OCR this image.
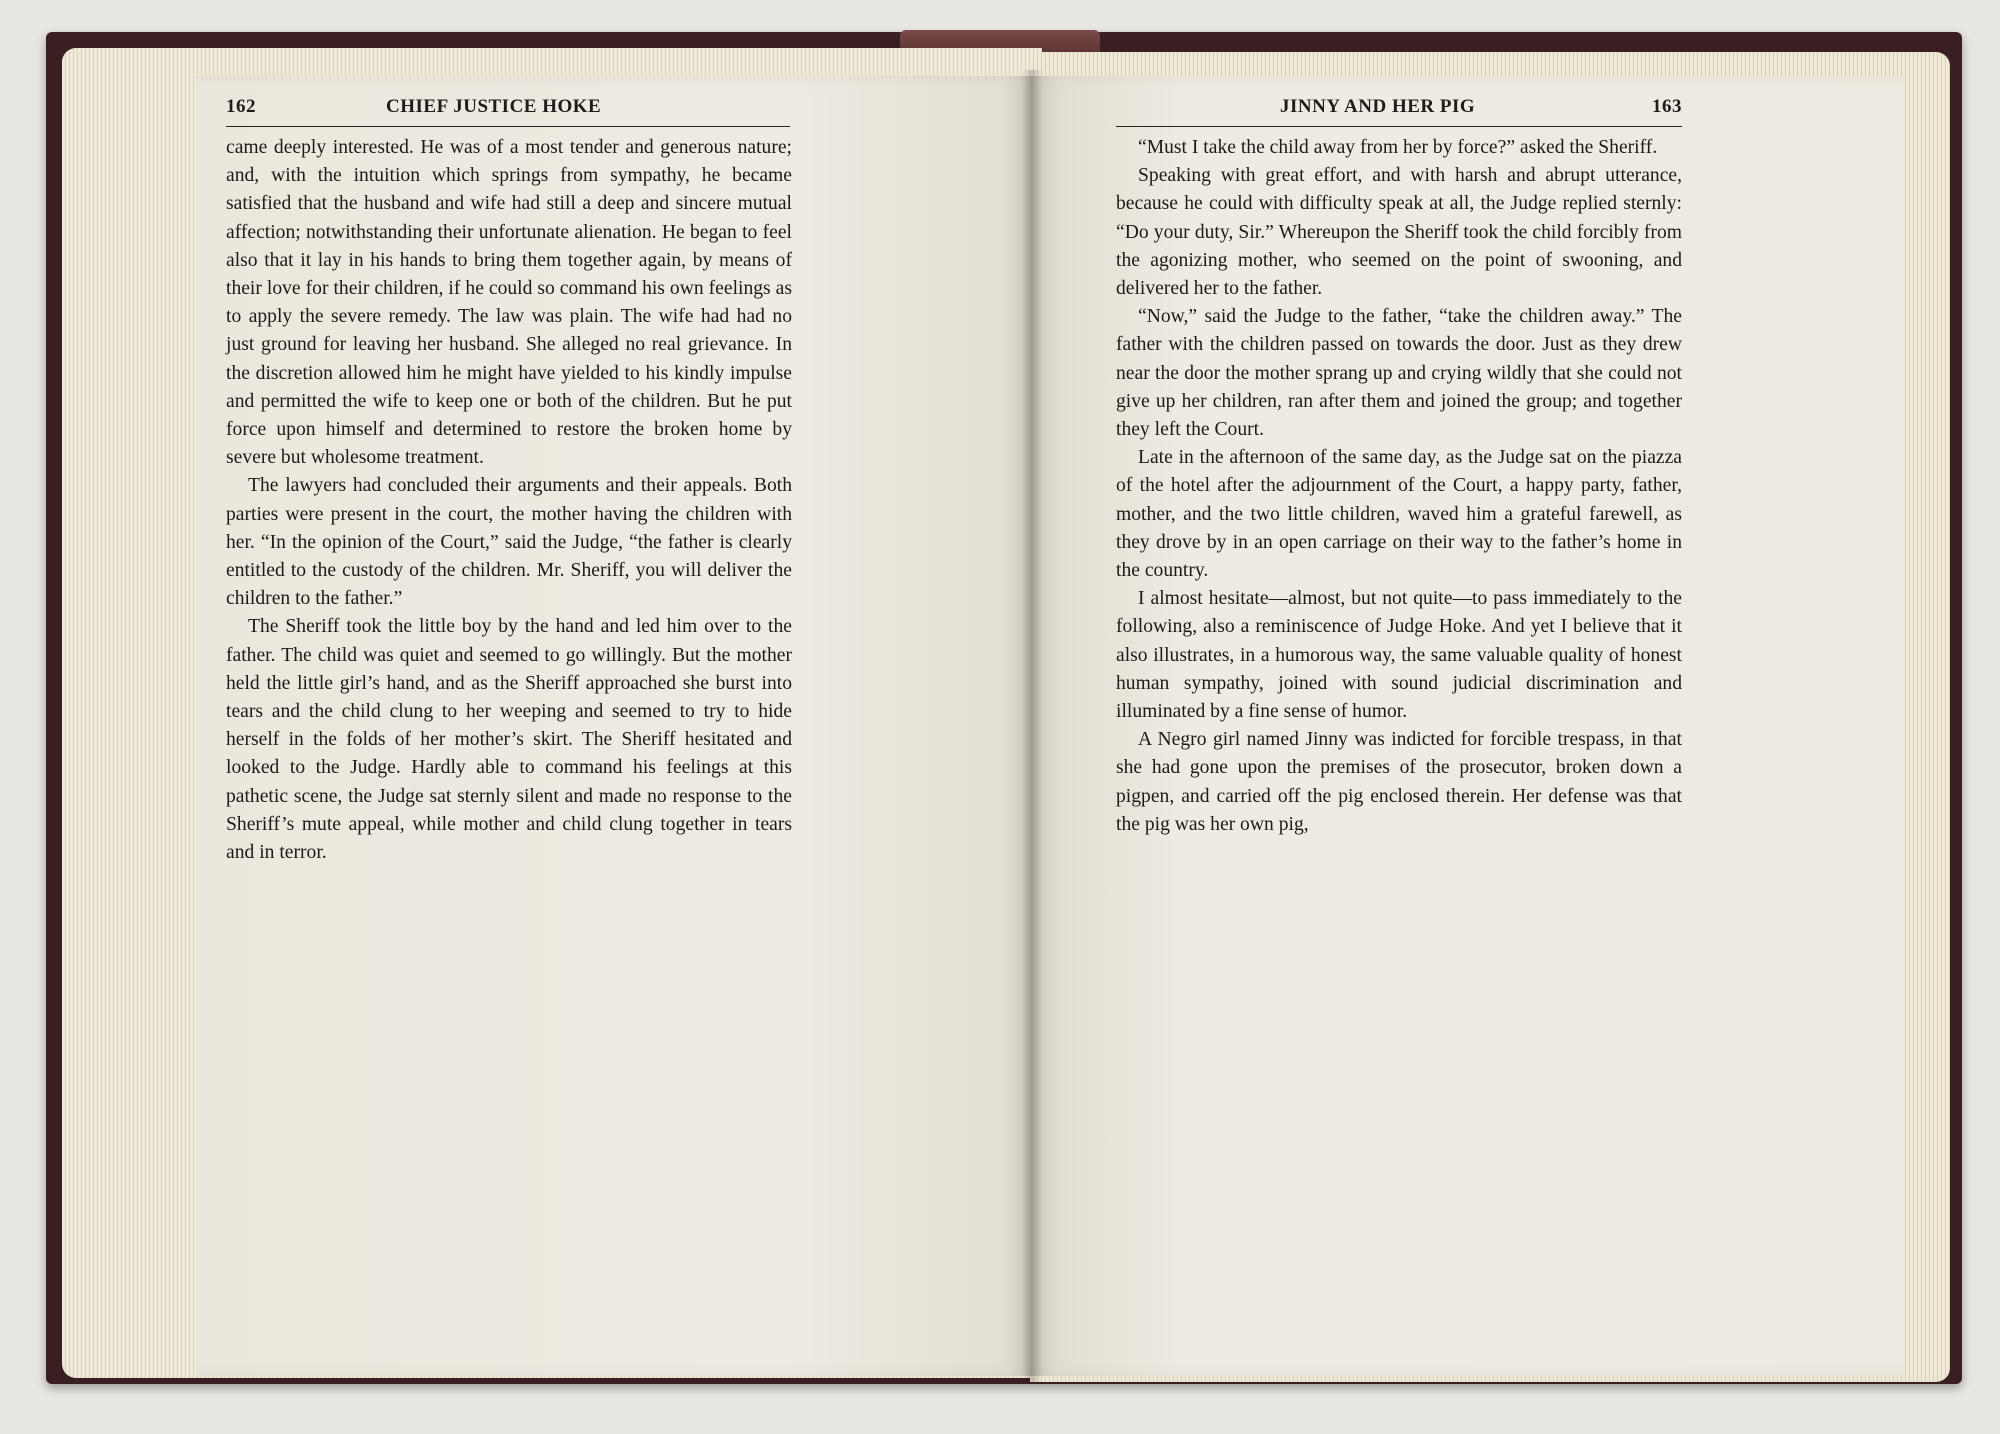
162	CHIEF JUSTICE HOKE	JINNY AND HER PIG	163

came deeply interested. He was of a most tender and generous nature; and, with the intuition which springs from sympathy, he became satisfied that the husband and wife had still a deep and sincere mutual affection; notwithstanding their unfortunate alienation. He began to feel also that it lay in his hands to bring them together again, by means of their love for their children, if he could so command his own feelings as to apply the severe remedy. The law was plain. The wife had had no just ground for leaving her husband. She alleged no real grievance. In the discretion allowed him he might have yielded to his kindly impulse and permitted the wife to keep one or both of the children. But he put force upon himself and determined to restore the broken home by severe but wholesome treatment.

The lawyers had concluded their arguments and their appeals. Both parties were present in the court, the mother having the children with her. “In the opinion of the Court,” said the Judge, “the father is clearly entitled to the custody of the children. Mr. Sheriff, you will deliver the children to the father.”

The Sheriff took the little boy by the hand and led him over to the father. The child was quiet and seemed to go willingly. But the mother held the little girl’s hand, and as the Sheriff approached she burst into tears and the child clung to her weeping and seemed to try to hide herself in the folds of her mother’s skirt. The Sheriff hesitated and looked to the Judge. Hardly able to command his feelings at this pathetic scene, the Judge sat sternly silent and made no response to the Sheriff’s mute appeal, while mother and child clung together in tears and in terror.

“Must I take the child away from her by force?” asked the Sheriff.

Speaking with great effort, and with harsh and abrupt utterance, because he could with difficulty speak at all, the Judge replied sternly: “Do your duty, Sir.” Whereupon the Sheriff took the child forcibly from the agonizing mother, who seemed on the point of swooning, and delivered her to the father.

“Now,” said the Judge to the father, “take the children away.” The father with the children passed on towards the door. Just as they drew near the door the mother sprang up and crying wildly that she could not give up her children, ran after them and joined the group; and together they left the Court.

Late in the afternoon of the same day, as the Judge sat on the piazza of the hotel after the adjournment of the Court, a happy party, father, mother, and the two little children, waved him a grateful farewell, as they drove by in an open carriage on their way to the father’s home in the country.

I almost hesitate—almost, but not quite—to pass immediately to the following, also a reminiscence of Judge Hoke. And yet I believe that it also illustrates, in a humorous way, the same valuable quality of honest human sympathy, joined with sound judicial discrimination and illuminated by a fine sense of humor.

A Negro girl named Jinny was indicted for forcible trespass, in that she had gone upon the premises of the prosecutor, broken down a pigpen, and carried off the pig enclosed therein. Her defense was that the pig was her own pig,
